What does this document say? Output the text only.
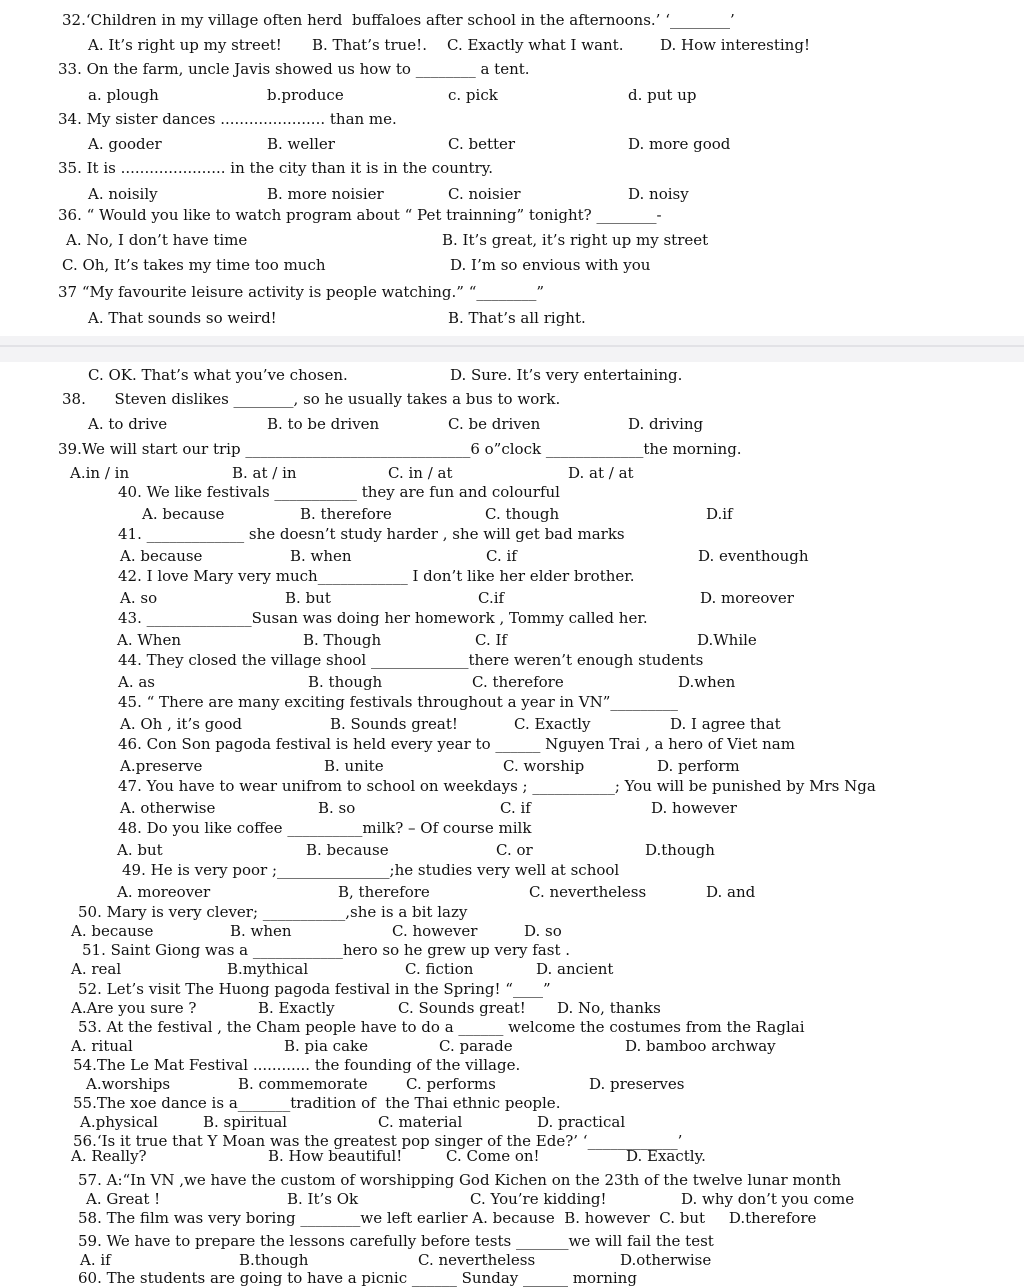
32.‘Children in my village often herd  buffaloes after school in the afternoons.’ ‘________’
A. It’s right up my street! B. That’s true!. C. Exactly what I want. D. How interesting!
33. On the farm, uncle Javis showed us how to ________ a tent.
a. plough	b.produce	c. pick	d. put up
34. My sister dances ...................... than me.
A. gooder	B. weller	C. better	D. more good
35. It is ...................... in the city than it is in the country.
A. noisily	B. more noisier	C. noisier	D. noisy
36. “ Would you like to watch program about “ Pet trainning” tonight? ________-
A. No, I don’t have time	B. It’s great, it’s right up my street
C. Oh, It’s takes my time too much	D. I’m so envious with you
37 “My favourite leisure activity is people watching.” “________”
A. That sounds so weird!	B. That’s all right.
C. OK. That’s what you’ve chosen.	D. Sure. It’s very entertaining.
38.      Steven dislikes ________, so he usually takes a bus to work.
A. to drive	B. to be driven	C. be driven	D. driving
39.We will start our trip ______________________________6 o”clock _____________the morning.
A.in / in	B. at / in	C. in / at	D. at / at
40. We like festivals ___________ they are fun and colourful
A. because	B. therefore	C. though	D.if
41. _____________ she doesn’t study harder , she will get bad marks
A. because	B. when	C. if	D. eventhough
42. I love Mary very much____________ I don’t like her elder brother.
A. so	B. but	C.if	D. moreover
43. ______________Susan was doing her homework , Tommy called her.
A. When	B. Though	C. If	D.While
44. They closed the village shool _____________there weren’t enough students
A. as	B. though	C. therefore	D.when
45. “ There are many exciting festivals throughout a year in VN”_________
A. Oh , it’s good	B. Sounds great!	C. Exactly	D. I agree that
46. Con Son pagoda festival is held every year to ______ Nguyen Trai , a hero of Viet nam
A.preserve	B. unite	C. worship	D. perform
47. You have to wear unifrom to school on weekdays ; ___________; You will be punished by Mrs Nga
A. otherwise	B. so	C. if	D. however
48. Do you like coffee __________milk? – Of course milk
A. but	B. because	C. or	D.though
49. He is very poor ;_______________;he studies very well at school
A. moreover	B, therefore	C. nevertheless	D. and
50. Mary is very clever; ___________,she is a bit lazy
A. because	B. when	C. however	D. so
51. Saint Giong was a ____________hero so he grew up very fast .
A. real	B.mythical	C. fiction	D. ancient
52. Let’s visit The Huong pagoda festival in the Spring! “____”
A.Are you sure ?	B. Exactly	C. Sounds great! D. No, thanks
53. At the festival , the Cham people have to do a ______ welcome the costumes from the Raglai
A. ritual	B. pia cake	C. parade	D. bamboo archway
54.The Le Mat Festival ............ the founding of the village.
A.worships	B. commemorate	C. performs	D. preserves
55.The xoe dance is a_______tradition of  the Thai ethnic people.
A.physical	B. spiritual	C. material	D. practical
56.‘Is it true that Y Moan was the greatest pop singer of the Ede?’ ‘____________’
A. Really?	B. How beautiful!	C. Come on!	D. Exactly.
57. A:“In VN ,we have the custom of worshipping God Kichen on the 23th of the twelve lunar month
A. Great !	B. It’s Ok	C. You’re kidding!	D. why don’t you come
58. The film was very boring ________we left earlier A. because  B. however  C. but     D.therefore
59. We have to prepare the lessons carefully before tests _______we will fail the test
A. if	B.though	C. nevertheless	D.otherwise
60. The students are going to have a picnic ______ Sunday ______ morning
